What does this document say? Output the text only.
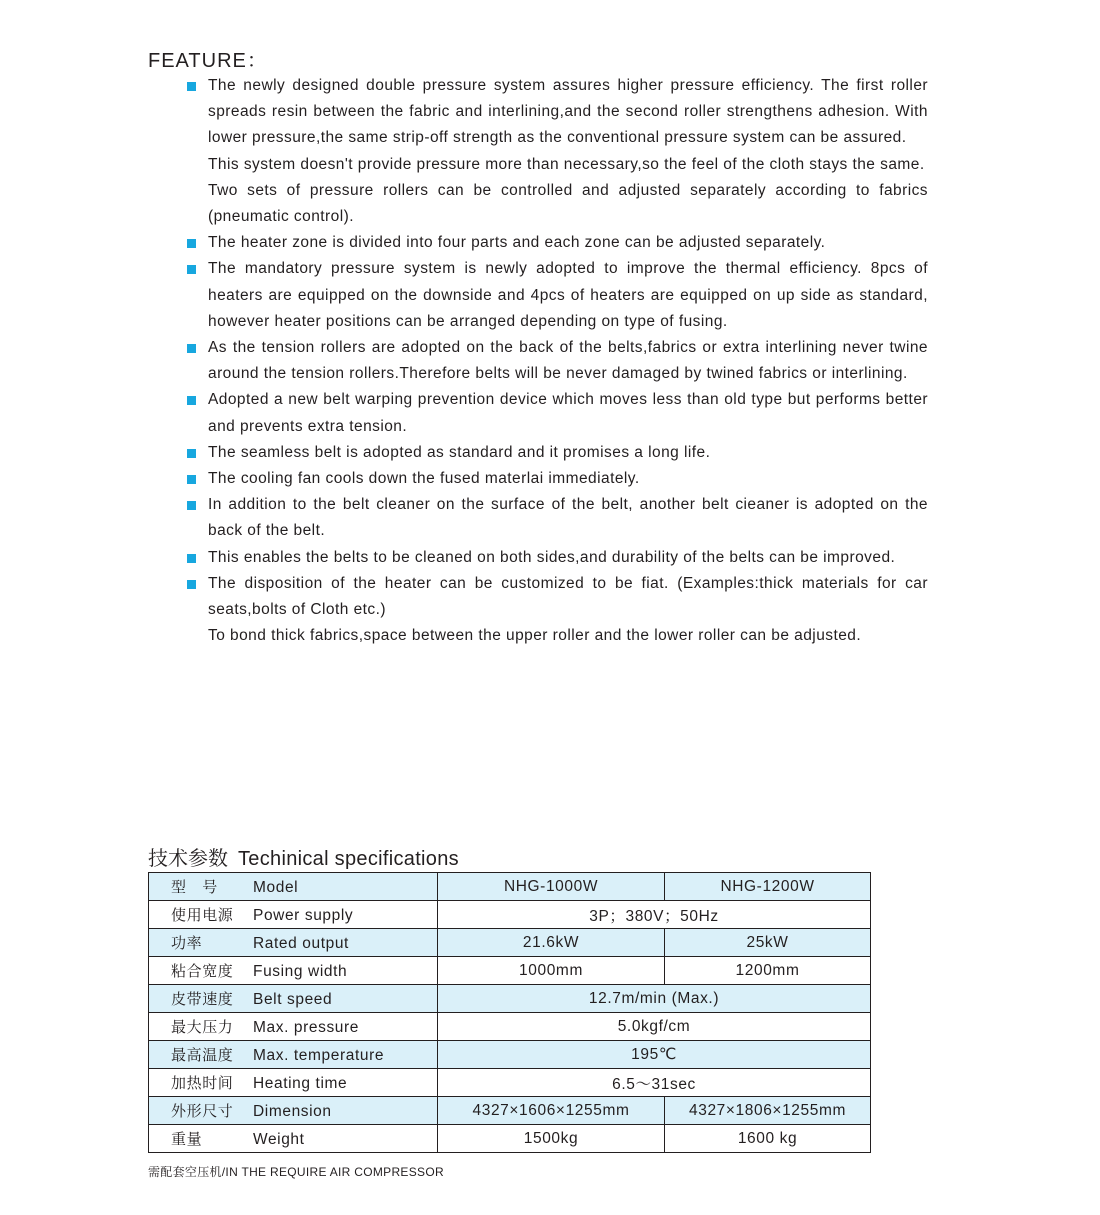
FEATURE：
The newly designed double pressure system assures higher pressure efficiency. The first roller spreads resin between the fabric and interlining,and the second roller strengthens adhesion. With lower pressure,the same strip-off strength as the conventional pressure system can be assured.
This system doesn't provide pressure more than necessary,so the feel of the cloth stays the same.
Two sets of pressure rollers can be controlled and adjusted separately according to fabrics (pneumatic control).
The heater zone is divided into four parts and each zone can be adjusted separately.
The mandatory pressure system is newly adopted to improve the thermal efficiency. 8pcs of heaters are equipped on the downside and 4pcs of heaters are equipped on up side as standard, however heater positions can be arranged depending on type of fusing.
As the tension rollers are adopted on the back of the belts,fabrics or extra interlining never twine around the tension rollers.Therefore belts will be never damaged by twined fabrics or interlining.
Adopted a new belt warping prevention device which moves less than old type but performs better and prevents extra tension.
The seamless belt is adopted as standard and it promises a long life.
The cooling fan cools down the fused materlai immediately.
In addition to the belt cleaner on the surface of the belt, another belt cieaner is adopted on the back of the belt.
This enables the belts to be cleaned on both sides,and durability of the belts can be improved.
The disposition of the heater can be customized to be fiat. (Examples:thick materials for car seats,bolts of Cloth etc.)
To bond thick fabrics,space between the upper roller and the lower roller can be adjusted.
技术参数 Techinical specifications
型　号 Model	NHG-1000W	NHG-1200W
使用电源 Power supply	3P；380V；50Hz	
功率 Rated output	21.6kW	25kW
粘合宽度 Fusing width	1000mm	1200mm
皮带速度 Belt speed	12.7m/min (Max.)	
最大压力 Max. pressure	5.0kgf/cm	
最高温度 Max. temperature	195℃	
加热时间 Heating time	6.5～31sec	
外形尺寸 Dimension	4327×1606×1255mm	4327×1806×1255mm
重量 Weight	1500kg	1600 kg
需配套空压机/IN THE REQUIRE AIR COMPRESSOR
